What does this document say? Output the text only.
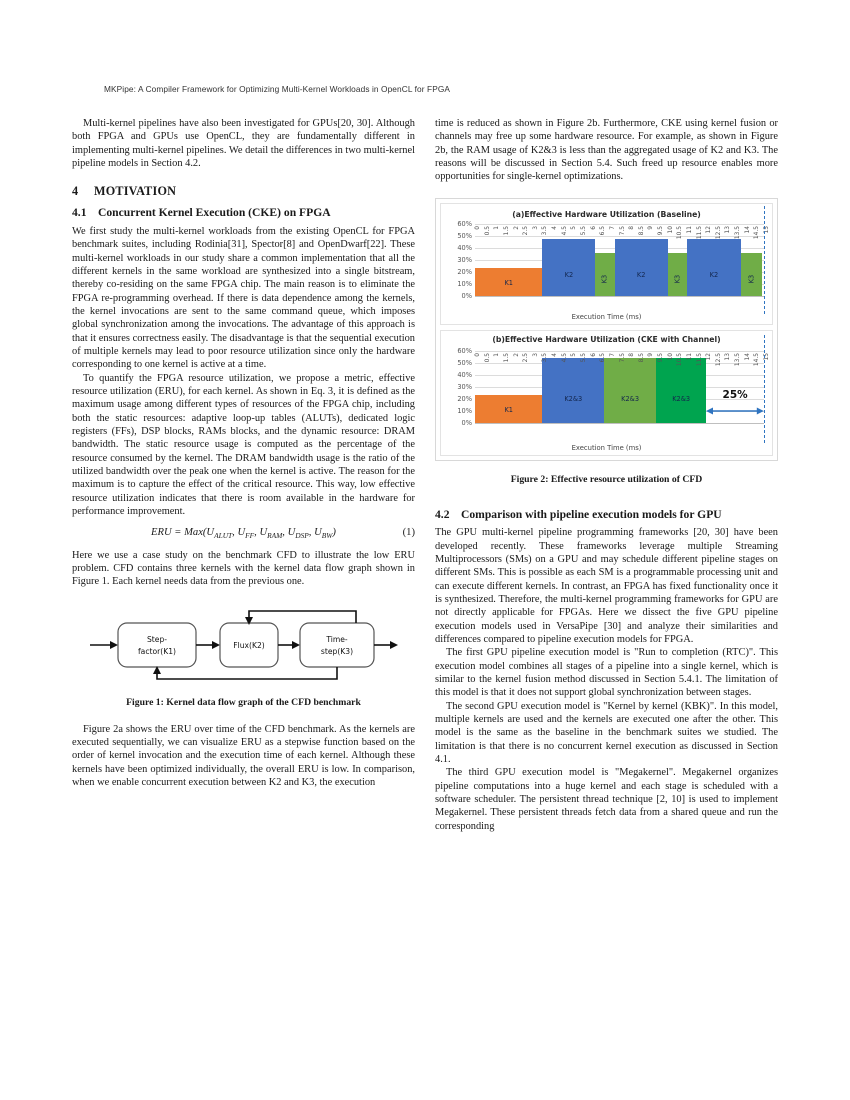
MKPipe: A Compiler Framework for Optimizing Multi-Kernel Workloads in OpenCL for FPGA

Multi-kernel pipelines have also been investigated for GPUs[20, 30]. Although both FPGA and GPUs use OpenCL, they are fundamentally different in implementing multi-kernel pipelines. We detail the differences in two multi-kernel pipeline models in Section 4.2.

4 MOTIVATION
4.1 Concurrent Kernel Execution (CKE) on FPGA

We first study the multi-kernel workloads from the existing OpenCL for FPGA benchmark suites, including Rodinia[31], Spector[8] and OpenDwarf[22]. These multi-kernel workloads in our study share a common implementation that all the different kernels in the same workload are synthesized into a single bitstream, thereby co-residing on the same FPGA chip. The main reason is to eliminate the FPGA re-programming overhead. If there is data dependence among the kernels, the kernel invocations are sent to the same command queue, which imposes global synchronization among the invocations. The advantage of this approach is that it ensures correctness easily. The disadvantage is that the sequential execution of multiple kernels may lead to poor resource utilization since only the hardware corresponding to one kernel is active at a time.

To quantify the FPGA resource utilization, we propose a metric, effective resource utilization (ERU), for each kernel. As shown in Eq. 3, it is defined as the maximum usage among different types of resources of the FPGA chip, including both the static resources: adaptive loop-up tables (ALUTs), dedicated logic registers (FFs), DSP blocks, RAMs blocks, and the dynamic resource: DRAM bandwidth. The static resource usage is computed as the percentage of the resource consumed by the kernel. The DRAM bandwidth usage is the ratio of the utilized bandwidth over the peak one when the kernel is active. The reason for the maximum is to capture the effect of the critical resource. This way, low effective resource utilization indicates that there is room available in the hardware for performance improvement.

ERU = $Max(U_{ALUT}$, $U_{FF}$, $U_{RAM}$, $U_{DSP}$, $U_{BW}$)	(1)

Here we use a case study on the benchmark CFD to illustrate the low ERU problem. CFD contains three kernels with the kernel data flow graph shown in Figure 1. Each kernel needs data from the previous one.

Step-
factor(K1)
Flux(K2)
Time-
step(K3)
Figure 1: Kernel data flow graph of the CFD benchmark

Figure 2a shows the ERU over time of the CFD benchmark. As the kernels are executed sequentially, we can visualize ERU as a stepwise function based on the order of kernel invocation and the execution time of each kernel. Although these kernels have been optimized individually, the overall ERU is low. In comparison, when we enable concurrent execution between K2 and K3, the execution

time is reduced as shown in Figure 2b. Furthermore, CKE using kernel fusion or channels may free up some hardware resource. For example, as shown in Figure 2b, the RAM usage of K2&3 is less than the aggregated usage of K2 and K3. The reasons will be discussed in Section 5.4. Such freed up resource enables more opportunities for single-kernel optimizations.

(a)Effective Hardware Utilization (Baseline)
0%
10%
20%
30%
40%
50%
60%
K1
K2	K3	K2	K3	K2	K3
0 0.5 1 1.5 2 2.5 3 3.5 4 4.5 5 5.5 6 6.5 7 7.5 8 8.5 9 9.5 10 10.5 11 11.5 12 12.5 13 13.5 14 14.5 15
Execution Time (ms)
(b)Effective Hardware Utilization (CKE with Channel)
0%
10%
20%
30%
40%
50%
60%
K1
K2&3	K2&3	K2&3
0 0.5 1 1.5 2 2.5 3 3.5 4 4.5 5 5.5 6 6.5 7 7.5 8 8.5 9 9.5 10 10.5 11 11.5 12 12.5 13 13.5 14 14.5 15
25%
Execution Time (ms)
Figure 2: Effective resource utilization of CFD
4.2 Comparison with pipeline execution models for GPU

The GPU multi-kernel pipeline programming frameworks [20, 30] have been developed recently. These frameworks leverage multiple Streaming Multiprocessors (SMs) on a GPU and may schedule different pipeline stages on different SMs. This is possible as each SM is a programmable processing unit and can execute different kernels. In contrast, an FPGA has fixed functionality once it is synthesized. Therefore, the multi-kernel programming frameworks for GPU are not directly applicable for FPGAs. Here we dissect the five GPU pipeline execution models used in VersaPipe [30] and analyze their similarities and differences compared to pipeline execution models for FPGA.

The first GPU pipeline execution model is "Run to completion (RTC)". This execution model combines all stages of a pipeline into a single kernel, which is similar to the kernel fusion method discussed in Section 5.4.1. The limitation of this model is that it does not support global synchronization between stages.

The second GPU execution model is "Kernel by kernel (KBK)". In this model, multiple kernels are used and the kernels are executed one after the other. This model is the same as the baseline in the benchmark suites we studied. The limitation is that there is no concurrent kernel execution as discussed in Section 4.1.

The third GPU execution model is "Megakernel". Megakernel organizes pipeline computations into a huge kernel and each stage is scheduled with a software scheduler. The persistent thread technique [2, 10] is used to implement Megakernel. These persistent threads fetch data from a shared queue and run the corresponding
